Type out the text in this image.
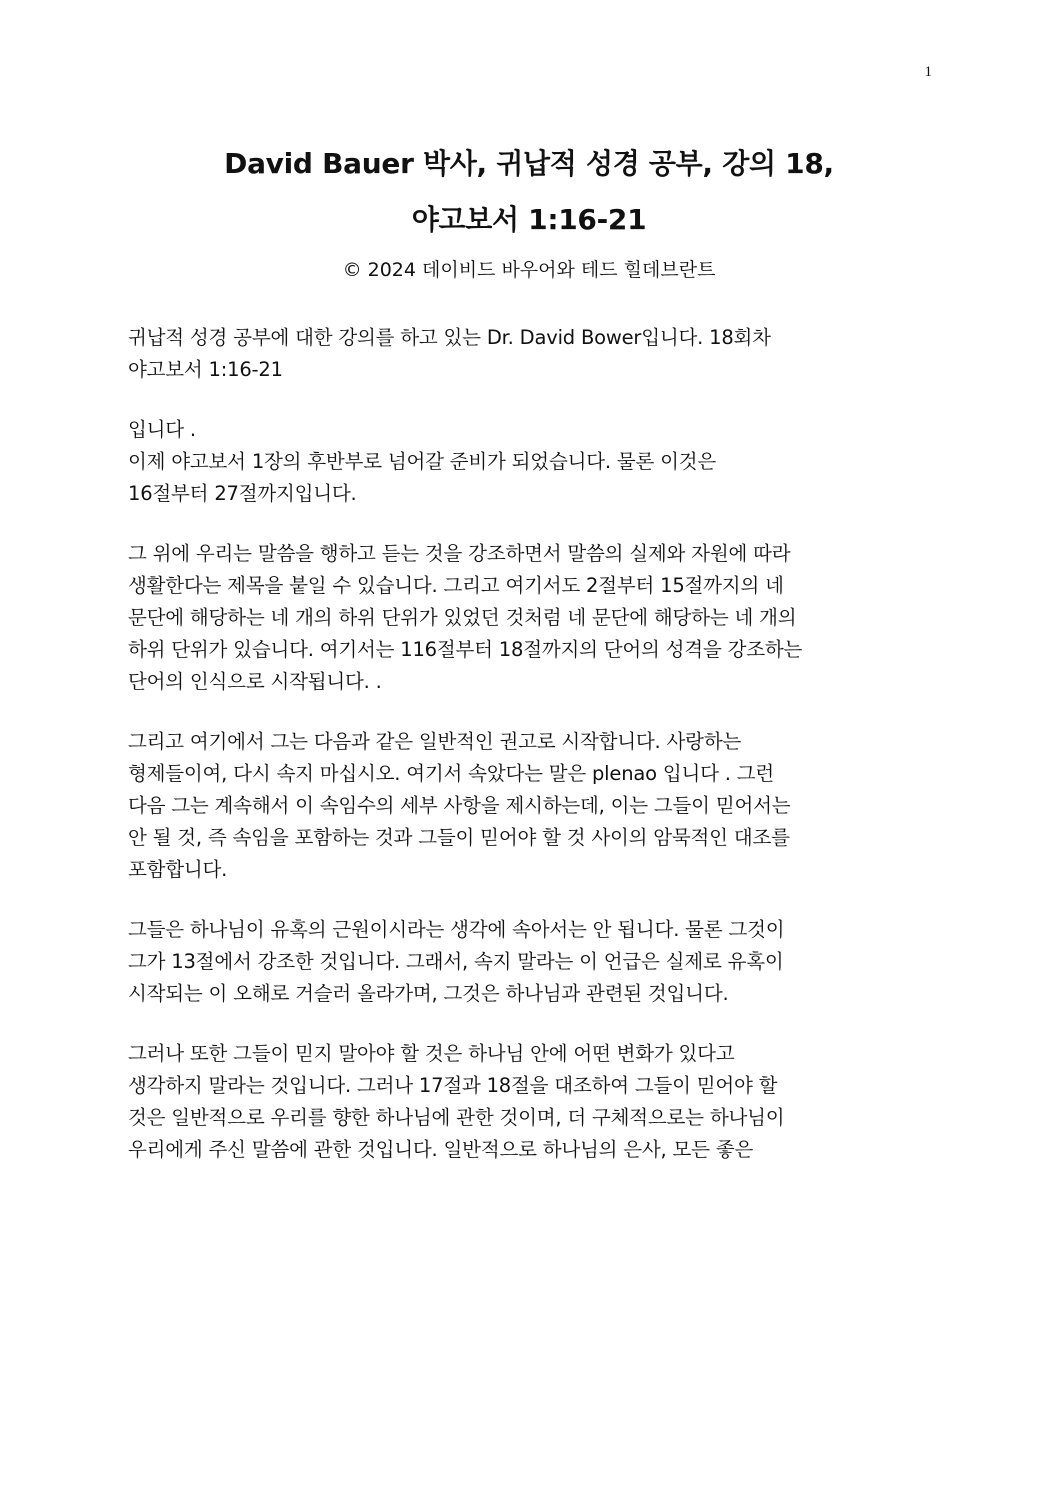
1
David Bauer 박사, 귀납적 성경 공부, 강의 18,
야고보서 1:16-21
© 2024 데이비드 바우어와 테드 힐데브란트
귀납적 성경 공부에 대한 강의를 하고 있는 Dr. David Bower입니다. 18회차
야고보서 1:16-21
입니다 .
이제 야고보서 1장의 후반부로 넘어갈 준비가 되었습니다. 물론 이것은
16절부터 27절까지입니다.
그 위에 우리는 말씀을 행하고 듣는 것을 강조하면서 말씀의 실제와 자원에 따라
생활한다는 제목을 붙일 수 있습니다. 그리고 여기서도 2절부터 15절까지의 네
문단에 해당하는 네 개의 하위 단위가 있었던 것처럼 네 문단에 해당하는 네 개의
하위 단위가 있습니다. 여기서는 116절부터 18절까지의 단어의 성격을 강조하는
단어의 인식으로 시작됩니다. .
그리고 여기에서 그는 다음과 같은 일반적인 권고로 시작합니다. 사랑하는
형제들이여, 다시 속지 마십시오. 여기서 속았다는 말은 plenao 입니다 . 그런
다음 그는 계속해서 이 속임수의 세부 사항을 제시하는데, 이는 그들이 믿어서는
안 될 것, 즉 속임을 포함하는 것과 그들이 믿어야 할 것 사이의 암묵적인 대조를
포함합니다.
그들은 하나님이 유혹의 근원이시라는 생각에 속아서는 안 됩니다. 물론 그것이
그가 13절에서 강조한 것입니다. 그래서, 속지 말라는 이 언급은 실제로 유혹이
시작되는 이 오해로 거슬러 올라가며, 그것은 하나님과 관련된 것입니다.
그러나 또한 그들이 믿지 말아야 할 것은 하나님 안에 어떤 변화가 있다고
생각하지 말라는 것입니다. 그러나 17절과 18절을 대조하여 그들이 믿어야 할
것은 일반적으로 우리를 향한 하나님에 관한 것이며, 더 구체적으로는 하나님이
우리에게 주신 말씀에 관한 것입니다. 일반적으로 하나님의 은사, 모든 좋은
